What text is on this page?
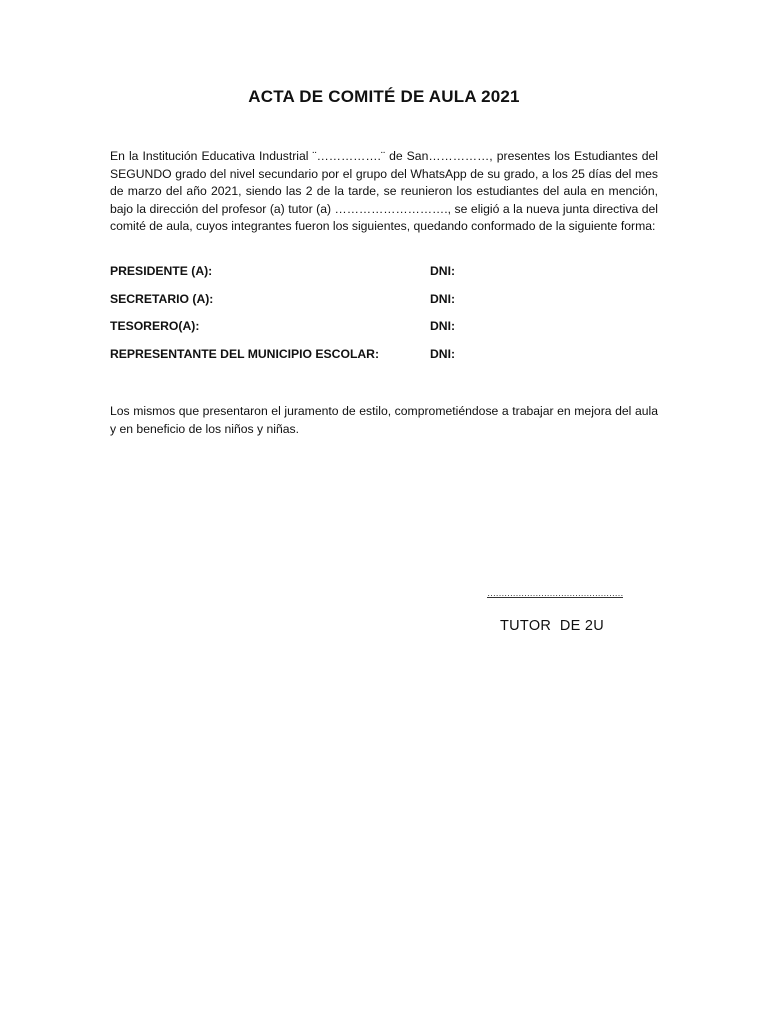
ACTA DE COMITÉ DE AULA 2021
En la Institución Educativa Industrial ¨…………….¨ de San……………, presentes los Estudiantes del SEGUNDO grado del nivel secundario por el grupo del WhatsApp de su grado, a los 25 días del mes de marzo del año 2021, siendo las 2 de la tarde, se reunieron los estudiantes del aula en mención, bajo la dirección del profesor (a) tutor (a) ………………………., se eligió a la nueva junta directiva del comité de aula, cuyos integrantes fueron los siguientes, quedando conformado de la siguiente forma:
PRESIDENTE (A):	DNI:
SECRETARIO (A):	DNI:
TESORERO(A):	DNI:
REPRESENTANTE DEL MUNICIPIO ESCOLAR:	DNI:
Los mismos que presentaron el juramento de estilo, comprometiéndose a trabajar en mejora del aula y en beneficio de los niños y niñas.
…………………………………………
TUTOR  DE 2U
